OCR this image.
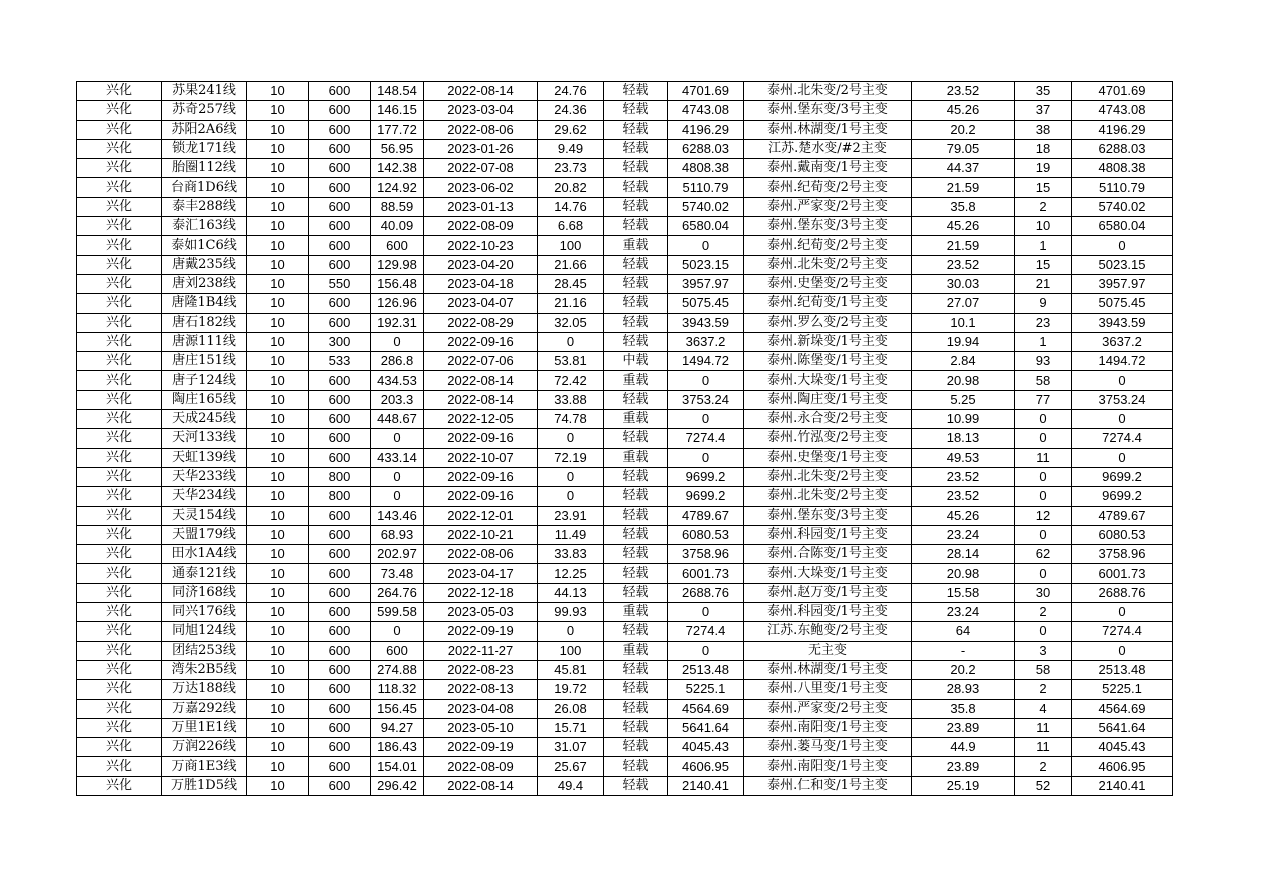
兴化	苏果241线	10	600	148.54	2022-08-14	24.76	轻载	4701.69	泰州.北朱变/2号主变	23.52	35	4701.69
兴化	苏奇257线	10	600	146.15	2023-03-04	24.36	轻载	4743.08	泰州.堡东变/3号主变	45.26	37	4743.08
兴化	苏阳2A6线	10	600	177.72	2022-08-06	29.62	轻载	4196.29	泰州.林湖变/1号主变	20.2	38	4196.29
兴化	锁龙171线	10	600	56.95	2023-01-26	9.49	轻载	6288.03	江苏.楚水变/#2主变	79.05	18	6288.03
兴化	胎圈112线	10	600	142.38	2022-07-08	23.73	轻载	4808.38	泰州.戴南变/1号主变	44.37	19	4808.38
兴化	台商1D6线	10	600	124.92	2023-06-02	20.82	轻载	5110.79	泰州.纪荀变/2号主变	21.59	15	5110.79
兴化	泰丰288线	10	600	88.59	2023-01-13	14.76	轻载	5740.02	泰州.严家变/2号主变	35.8	2	5740.02
兴化	泰汇163线	10	600	40.09	2022-08-09	6.68	轻载	6580.04	泰州.堡东变/3号主变	45.26	10	6580.04
兴化	泰如1C6线	10	600	600	2022-10-23	100	重载	0	泰州.纪荀变/2号主变	21.59	1	0
兴化	唐戴235线	10	600	129.98	2023-04-20	21.66	轻载	5023.15	泰州.北朱变/2号主变	23.52	15	5023.15
兴化	唐刘238线	10	550	156.48	2023-04-18	28.45	轻载	3957.97	泰州.史堡变/2号主变	30.03	21	3957.97
兴化	唐隆1B4线	10	600	126.96	2023-04-07	21.16	轻载	5075.45	泰州.纪荀变/1号主变	27.07	9	5075.45
兴化	唐石182线	10	600	192.31	2022-08-29	32.05	轻载	3943.59	泰州.罗么变/2号主变	10.1	23	3943.59
兴化	唐源111线	10	300	0	2022-09-16	0	轻载	3637.2	泰州.新垛变/1号主变	19.94	1	3637.2
兴化	唐庄151线	10	533	286.8	2022-07-06	53.81	中载	1494.72	泰州.陈堡变/1号主变	2.84	93	1494.72
兴化	唐子124线	10	600	434.53	2022-08-14	72.42	重载	0	泰州.大垛变/1号主变	20.98	58	0
兴化	陶庄165线	10	600	203.3	2022-08-14	33.88	轻载	3753.24	泰州.陶庄变/1号主变	5.25	77	3753.24
兴化	天成245线	10	600	448.67	2022-12-05	74.78	重载	0	泰州.永合变/2号主变	10.99	0	0
兴化	天河133线	10	600	0	2022-09-16	0	轻载	7274.4	泰州.竹泓变/2号主变	18.13	0	7274.4
兴化	天虹139线	10	600	433.14	2022-10-07	72.19	重载	0	泰州.史堡变/1号主变	49.53	11	0
兴化	天华233线	10	800	0	2022-09-16	0	轻载	9699.2	泰州.北朱变/2号主变	23.52	0	9699.2
兴化	天华234线	10	800	0	2022-09-16	0	轻载	9699.2	泰州.北朱变/2号主变	23.52	0	9699.2
兴化	天灵154线	10	600	143.46	2022-12-01	23.91	轻载	4789.67	泰州.堡东变/3号主变	45.26	12	4789.67
兴化	天盟179线	10	600	68.93	2022-10-21	11.49	轻载	6080.53	泰州.科园变/1号主变	23.24	0	6080.53
兴化	田水1A4线	10	600	202.97	2022-08-06	33.83	轻载	3758.96	泰州.合陈变/1号主变	28.14	62	3758.96
兴化	通泰121线	10	600	73.48	2023-04-17	12.25	轻载	6001.73	泰州.大垛变/1号主变	20.98	0	6001.73
兴化	同济168线	10	600	264.76	2022-12-18	44.13	轻载	2688.76	泰州.赵万变/1号主变	15.58	30	2688.76
兴化	同兴176线	10	600	599.58	2023-05-03	99.93	重载	0	泰州.科园变/1号主变	23.24	2	0
兴化	同旭124线	10	600	0	2022-09-19	0	轻载	7274.4	江苏.东鲍变/2号主变	64	0	7274.4
兴化	团结253线	10	600	600	2022-11-27	100	重载	0	无主变	-	3	0
兴化	湾朱2B5线	10	600	274.88	2022-08-23	45.81	轻载	2513.48	泰州.林湖变/1号主变	20.2	58	2513.48
兴化	万达188线	10	600	118.32	2022-08-13	19.72	轻载	5225.1	泰州.八里变/1号主变	28.93	2	5225.1
兴化	万嘉292线	10	600	156.45	2023-04-08	26.08	轻载	4564.69	泰州.严家变/2号主变	35.8	4	4564.69
兴化	万里1E1线	10	600	94.27	2023-05-10	15.71	轻载	5641.64	泰州.南阳变/1号主变	23.89	11	5641.64
兴化	万润226线	10	600	186.43	2022-09-19	31.07	轻载	4045.43	泰州.蒌马变/1号主变	44.9	11	4045.43
兴化	万商1E3线	10	600	154.01	2022-08-09	25.67	轻载	4606.95	泰州.南阳变/1号主变	23.89	2	4606.95
兴化	万胜1D5线	10	600	296.42	2022-08-14	49.4	轻载	2140.41	泰州.仁和变/1号主变	25.19	52	2140.41
